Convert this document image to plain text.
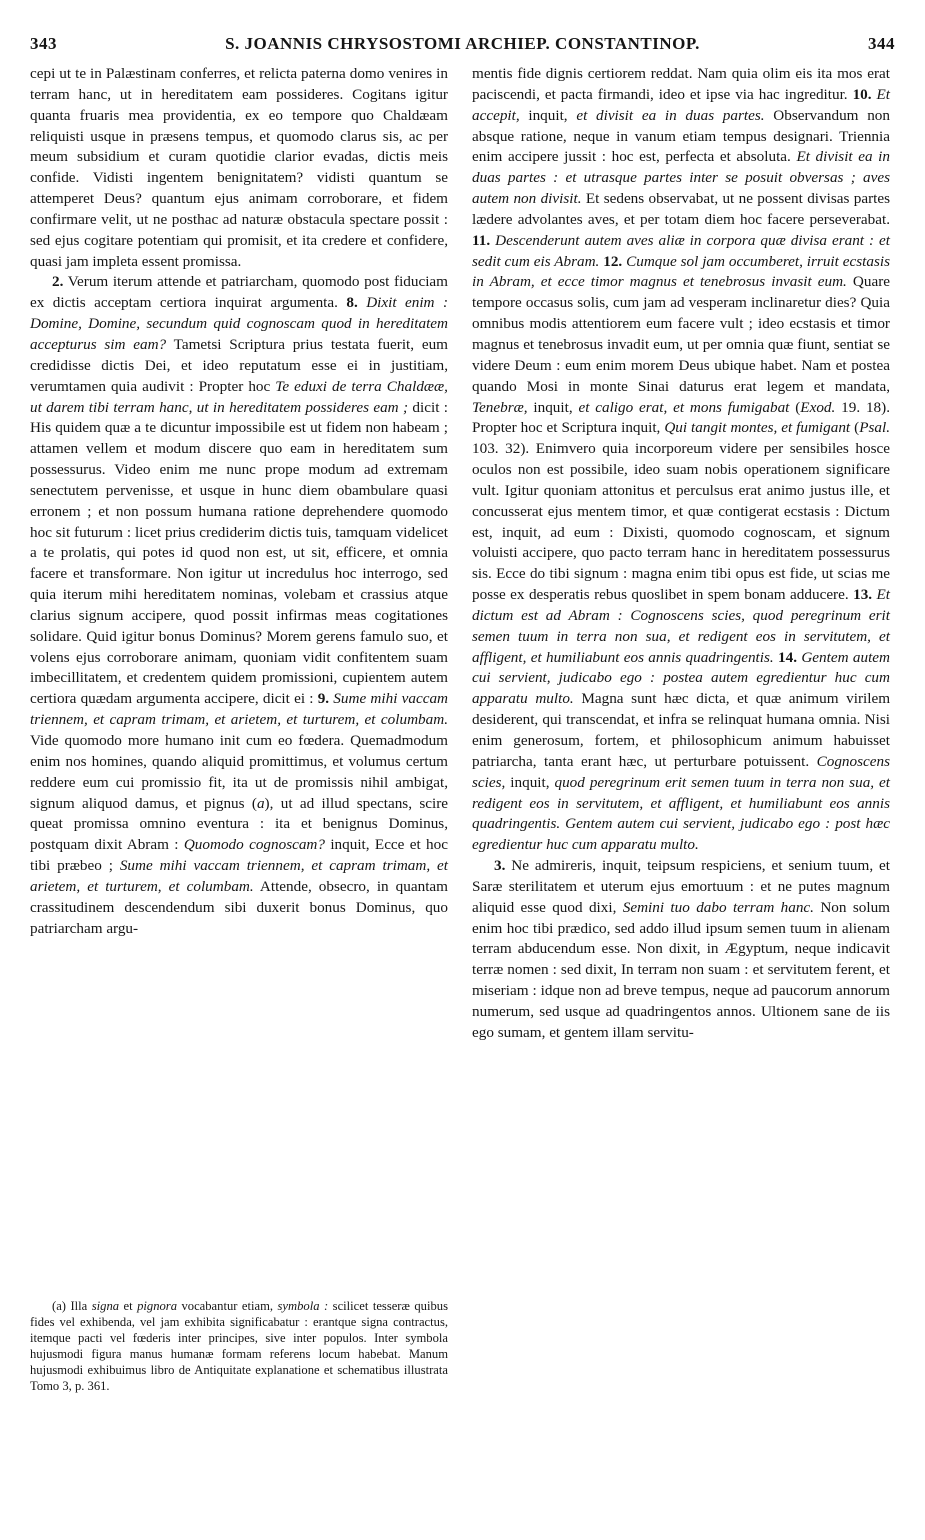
343	S. JOANNIS CHRYSOSTOMI ARCHIEP. CONSTANTINOP.	344

cepi ut te in Palæstinam conferres, et relicta paterna domo venires in terram hanc, ut in hereditatem eam possideres. Cogitans igitur quanta fruaris mea providentia, ex eo tempore quo Chaldæam reliquisti usque in præsens tempus, et quomodo clarus sis, ac per meum subsidium et curam quotidie clarior evadas, dictis meis confide. Vidisti ingentem benignitatem? vidisti quantum se attemperet Deus? quantum ejus animam corroborare, et fidem confirmare velit, ut ne posthac ad naturæ obstacula spectare possit : sed ejus cogitare potentiam qui promisit, et ita credere et confidere, quasi jam impleta essent promissa.

2. Verum iterum attende et patriarcham, quomodo post fiduciam ex dictis acceptam certiora inquirat argumenta. 8. Dixit enim : Domine, Domine, secundum quid cognoscam quod in hereditatem accepturus sim eam? Tametsi Scriptura prius testata fuerit, eum credidisse dictis Dei, et ideo reputatum esse ei in justitiam, verumtamen quia audivit : Propter hoc Te eduxi de terra Chaldææ, ut darem tibi terram hanc, ut in hereditatem possideres eam ; dicit : His quidem quæ a te dicuntur impossibile est ut fidem non habeam ; attamen vellem et modum discere quo eam in hereditatem sum possessurus. Video enim me nunc prope modum ad extremam senectutem pervenisse, et usque in hunc diem obambulare quasi erronem ; et non possum humana ratione deprehendere quomodo hoc sit futurum : licet prius crediderim dictis tuis, tamquam videlicet a te prolatis, qui potes id quod non est, ut sit, efficere, et omnia facere et transformare. Non igitur ut incredulus hoc interrogo, sed quia iterum mihi hereditatem nominas, volebam et crassius atque clarius signum accipere, quod possit infirmas meas cogitationes solidare. Quid igitur bonus Dominus? Morem gerens famulo suo, et volens ejus corroborare animam, quoniam vidit confitentem suam imbecillitatem, et credentem quidem promissioni, cupientem autem certiora quædam argumenta accipere, dicit ei : 9. Sume mihi vaccam triennem, et capram trimam, et arietem, et turturem, et columbam. Vide quomodo more humano init cum eo fœdera. Quemadmodum enim nos homines, quando aliquid promittimus, et volumus certum reddere eum cui promissio fit, ita ut de promissis nihil ambigat, signum aliquod damus, et pignus (a), ut ad illud spectans, scire queat promissa omnino eventura : ita et benignus Dominus, postquam dixit Abram : Quomodo cognoscam? inquit, Ecce et hoc tibi præbeo ; Sume mihi vaccam triennem, et capram trimam, et arietem, et turturem, et columbam. Attende, obsecro, in quantam crassitudinem descendendum sibi duxerit bonus Dominus, quo patriarcham argu-

(a) Illa signa et pignora vocabantur etiam, symbola : scilicet tesseræ quibus fides vel exhibenda, vel jam exhibita significabatur : erantque signa contractus, itemque pacti vel fœderis inter principes, sive inter populos. Inter symbola hujusmodi figura manus humanæ formam referens locum habebat. Manum hujusmodi exhibuimus libro de Antiquitate explanatione et schematibus illustrata Tomo 3, p. 361.

mentis fide dignis certiorem reddat. Nam quia olim eis ita mos erat paciscendi, et pacta firmandi, ideo et ipse via hac ingreditur. 10. Et accepit, inquit, et divisit ea in duas partes. Observandum non absque ratione, neque in vanum etiam tempus designari. Triennia enim accipere jussit : hoc est, perfecta et absoluta. Et divisit ea in duas partes : et utrasque partes inter se posuit obversas ; aves autem non divisit. Et sedens observabat, ut ne possent divisas partes lædere advolantes aves, et per totam diem hoc facere perseverabat. 11. Descenderunt autem aves aliæ in corpora quæ divisa erant : et sedit cum eis Abram. 12. Cumque sol jam occumberet, irruit ecstasis in Abram, et ecce timor magnus et tenebrosus invasit eum. Quare tempore occasus solis, cum jam ad vesperam inclinaretur dies? Quia omnibus modis attentiorem eum facere vult ; ideo ecstasis et timor magnus et tenebrosus invadit eum, ut per omnia quæ fiunt, sentiat se videre Deum : eum enim morem Deus ubique habet. Nam et postea quando Mosi in monte Sinai daturus erat legem et mandata, Tenebræ, inquit, et caligo erat, et mons fumigabat (Exod. 19. 18). Propter hoc et Scriptura inquit, Qui tangit montes, et fumigant (Psal. 103. 32). Enimvero quia incorporeum videre per sensibiles hosce oculos non est possibile, ideo suam nobis operationem significare vult. Igitur quoniam attonitus et perculsus erat animo justus ille, et concusserat ejus mentem timor, et quæ contigerat ecstasis : Dictum est, inquit, ad eum : Dixisti, quomodo cognoscam, et signum voluisti accipere, quo pacto terram hanc in hereditatem possessurus sis. Ecce do tibi signum : magna enim tibi opus est fide, ut scias me posse ex desperatis rebus quoslibet in spem bonam adducere. 13. Et dictum est ad Abram : Cognoscens scies, quod peregrinum erit semen tuum in terra non sua, et redigent eos in servitutem, et affligent, et humiliabunt eos annis quadringentis. 14. Gentem autem cui servient, judicabo ego : postea autem egredientur huc cum apparatu multo. Magna sunt hæc dicta, et quæ animum virilem desiderent, qui transcendat, et infra se relinquat humana omnia. Nisi enim generosum, fortem, et philosophicum animum habuisset patriarcha, tanta erant hæc, ut perturbare potuissent. Cognoscens scies, inquit, quod peregrinum erit semen tuum in terra non sua, et redigent eos in servitutem, et affligent, et humiliabunt eos annis quadringentis. Gentem autem cui servient, judicabo ego : post hæc egredientur huc cum apparatu multo.

3. Ne admireris, inquit, teipsum respiciens, et senium tuum, et Saræ sterilitatem et uterum ejus emortuum : et ne putes magnum aliquid esse quod dixi, Semini tuo dabo terram hanc. Non solum enim hoc tibi prædico, sed addo illud ipsum semen tuum in alienam terram abducendum esse. Non dixit, in Ægyptum, neque indicavit terræ nomen : sed dixit, In terram non suam : et servitutem ferent, et miseriam : idque non ad breve tempus, neque ad paucorum annorum numerum, sed usque ad quadringentos annos. Ultionem sane de iis ego sumam, et gentem illam servitu-
